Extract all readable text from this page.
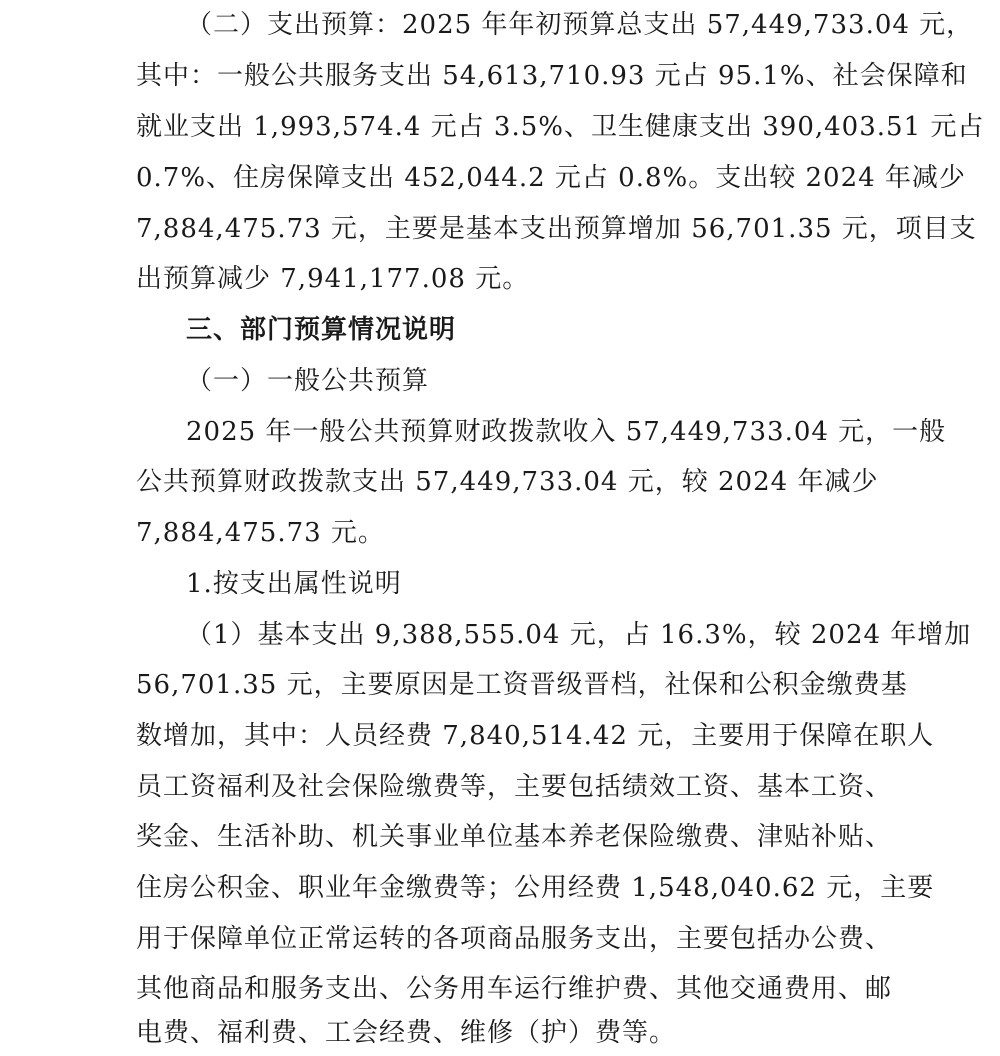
（二）支出预算：2025 年年初预算总支出 57,449,733.04 元，
其中：一般公共服务支出 54,613,710.93 元占 95.1%、社会保障和
就业支出 1,993,574.4 元占 3.5%、卫生健康支出 390,403.51 元占
0.7%、住房保障支出 452,044.2 元占 0.8%。支出较 2024 年减少
7,884,475.73 元，主要是基本支出预算增加 56,701.35 元，项目支
出预算减少 7,941,177.08 元。
三、部门预算情况说明
（一）一般公共预算
2025 年一般公共预算财政拨款收入 57,449,733.04 元，一般
公共预算财政拨款支出 57,449,733.04 元，较 2024 年减少
7,884,475.73 元。
1.按支出属性说明
（1）基本支出 9,388,555.04 元，占 16.3%，较 2024 年增加
56,701.35 元，主要原因是工资晋级晋档，社保和公积金缴费基
数增加，其中：人员经费 7,840,514.42 元，主要用于保障在职人
员工资福利及社会保险缴费等，主要包括绩效工资、基本工资、
奖金、生活补助、机关事业单位基本养老保险缴费、津贴补贴、
住房公积金、职业年金缴费等；公用经费 1,548,040.62 元，主要
用于保障单位正常运转的各项商品服务支出，主要包括办公费、
其他商品和服务支出、公务用车运行维护费、其他交通费用、邮
电费、福利费、工会经费、维修（护）费等。
